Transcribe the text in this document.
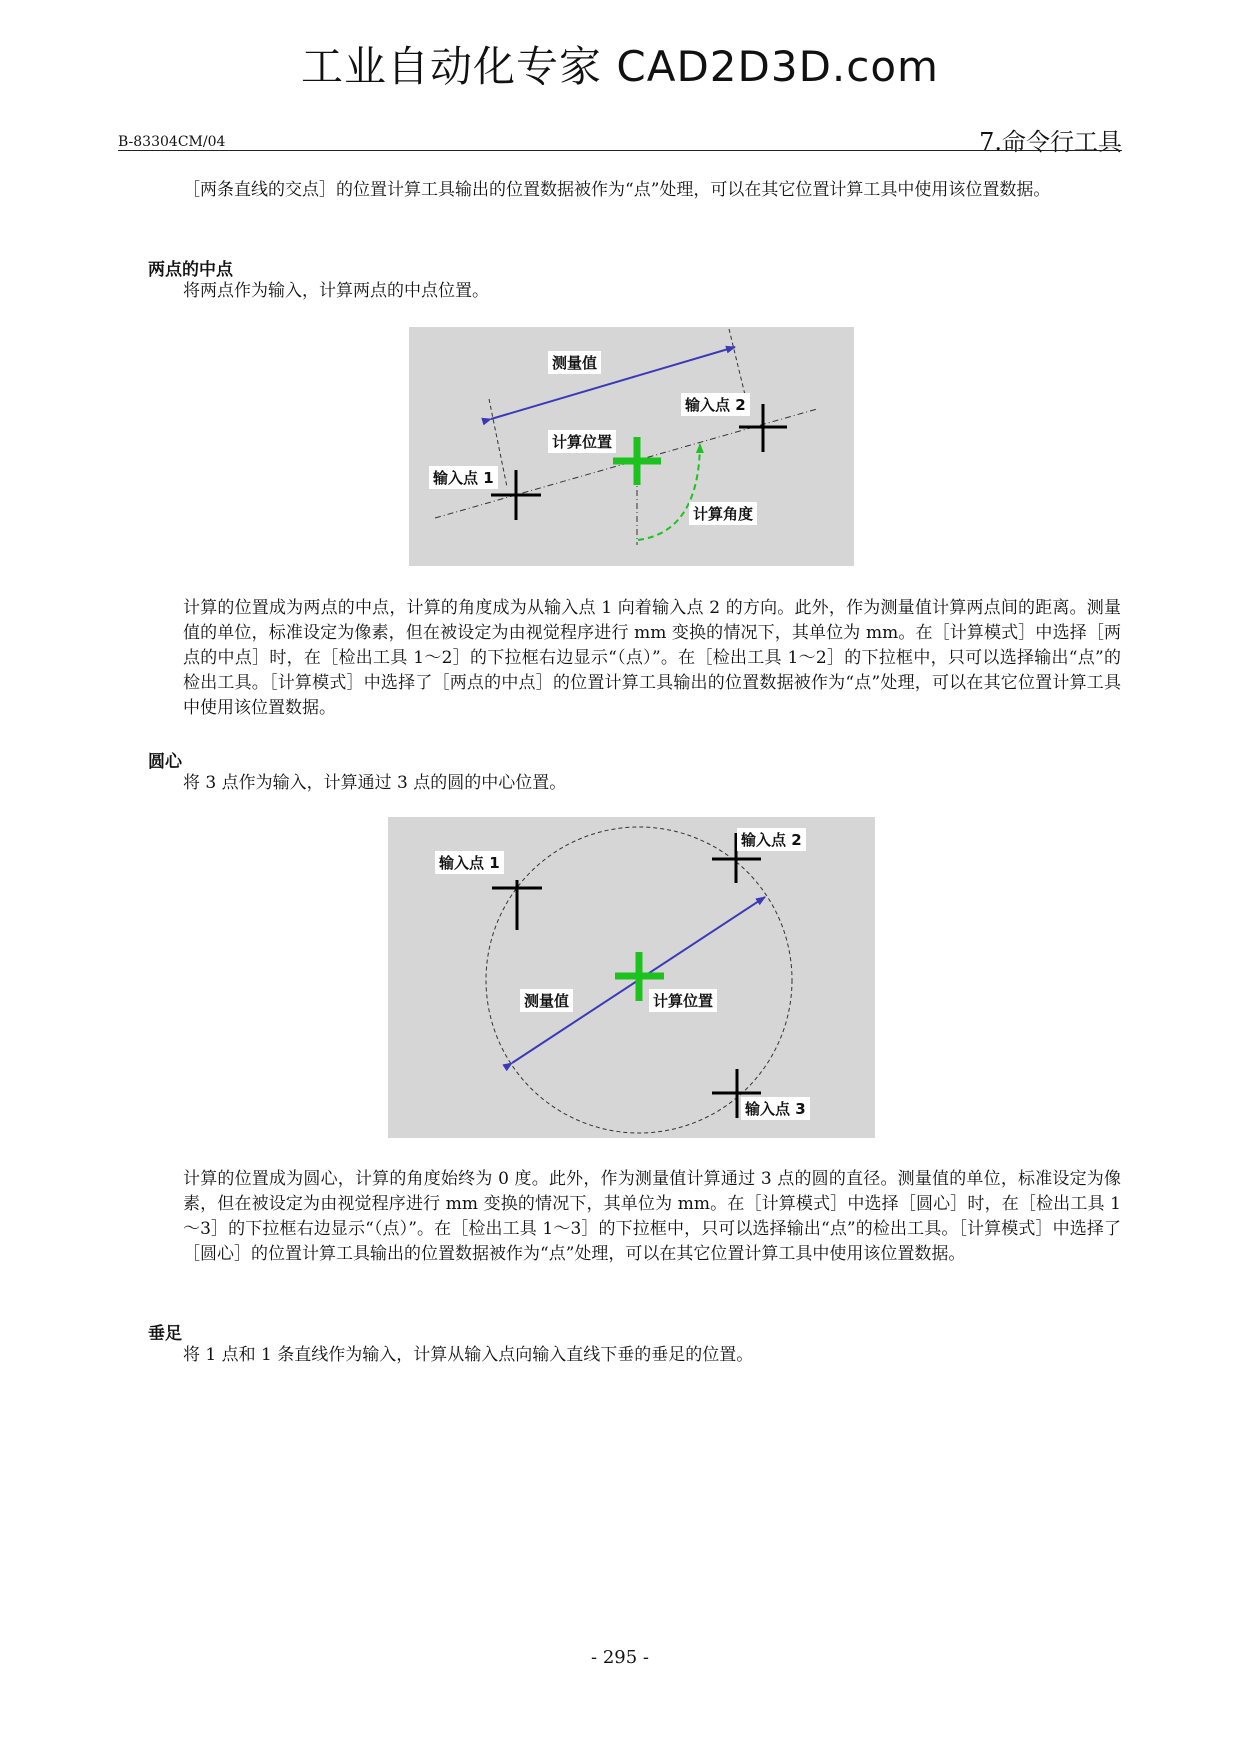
工业自动化专家 CAD2D3D.com
B-83304CM/04	7.命令行工具
［两条直线的交点］的位置计算工具输出的位置数据被作为“点”处理，可以在其它位置计算工具中使用该位置数据。
两点的中点
将两点作为输入，计算两点的中点位置。
测量值
输入点 2
计算位置
输入点 1
计算角度
计算的位置成为两点的中点，计算的角度成为从输入点 1 向着输入点 2 的方向。此外，作为测量值计算两点间的距离。测量值的单位，标准设定为像素，但在被设定为由视觉程序进行 mm 变换的情况下，其单位为 mm。在［计算模式］中选择［两点的中点］时，在［检出工具 1～2］的下拉框右边显示“（点）”。在［检出工具 1～2］的下拉框中，只可以选择输出“点”的检出工具。［计算模式］中选择了［两点的中点］的位置计算工具输出的位置数据被作为“点”处理，可以在其它位置计算工具中使用该位置数据。
圆心
将 3 点作为输入，计算通过 3 点的圆的中心位置。
输入点 1
输入点 2
测量值	计算位置
输入点 3
计算的位置成为圆心，计算的角度始终为 0 度。此外，作为测量值计算通过 3 点的圆的直径。测量值的单位，标准设定为像素，但在被设定为由视觉程序进行 mm 变换的情况下，其单位为 mm。在［计算模式］中选择［圆心］时，在［检出工具 1～3］的下拉框右边显示“（点）”。在［检出工具 1～3］的下拉框中，只可以选择输出“点”的检出工具。［计算模式］中选择了［圆心］的位置计算工具输出的位置数据被作为“点”处理，可以在其它位置计算工具中使用该位置数据。
垂足
将 1 点和 1 条直线作为输入，计算从输入点向输入直线下垂的垂足的位置。
- 295 -
